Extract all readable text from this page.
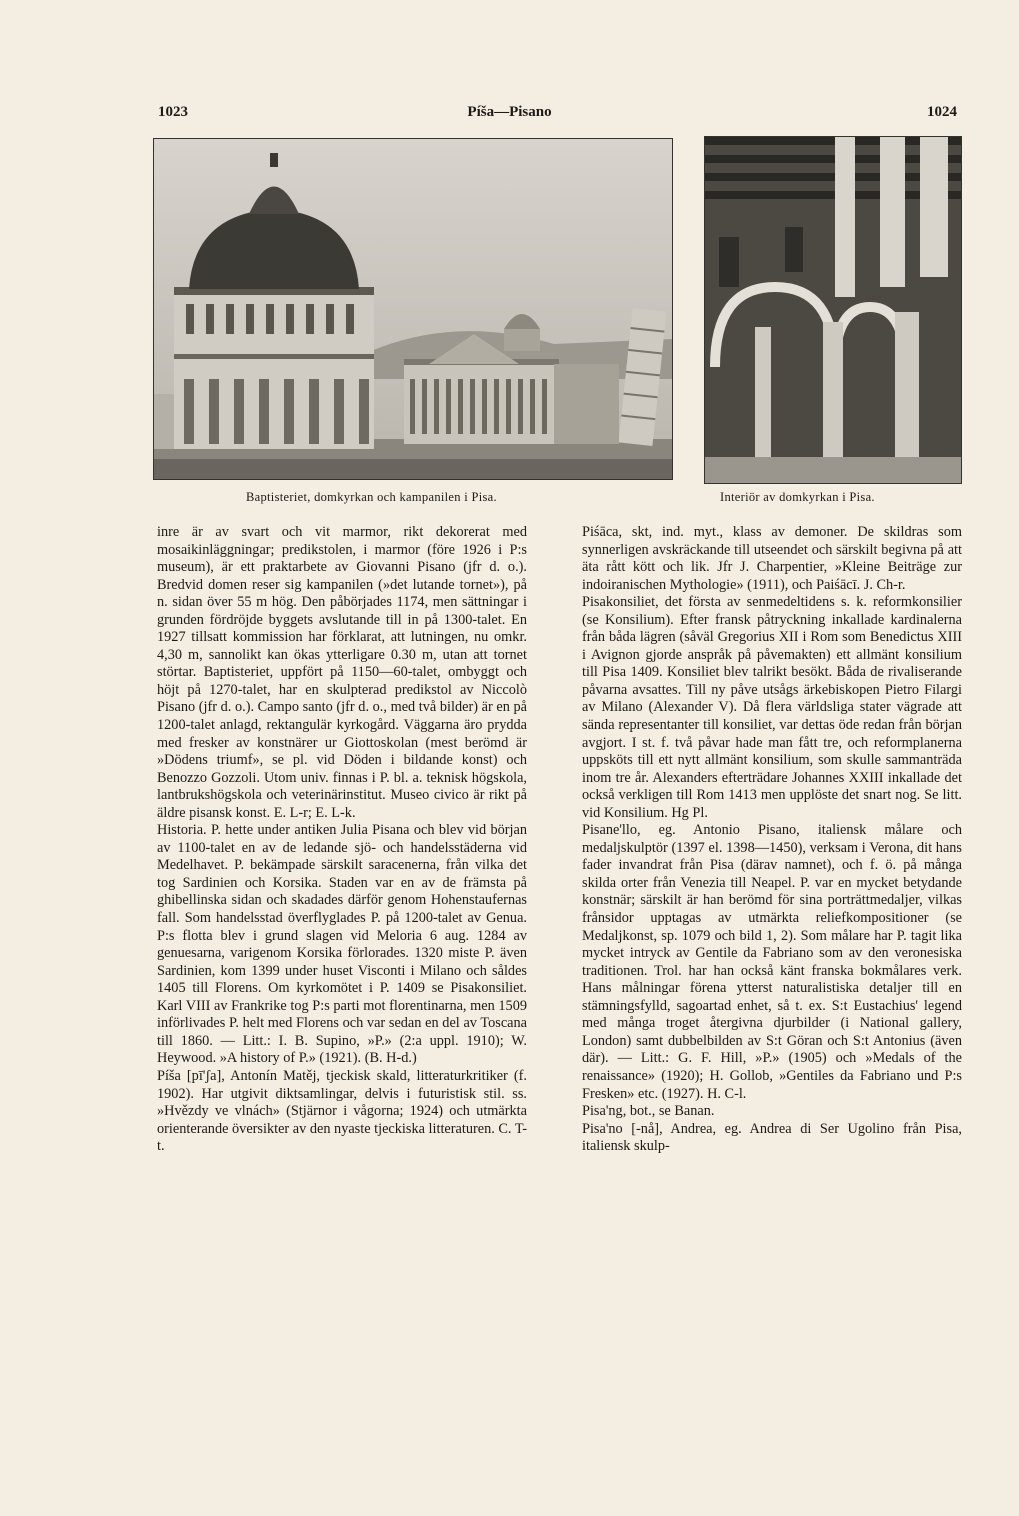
1023	Píša—Pisano	1024
Baptisteriet, domkyrkan och kampanilen i Pisa.	Interiör av domkyrkan i Pisa.

inre är av svart och vit marmor, rikt dekorerat med mosaikinläggningar; predikstolen, i marmor (före 1926 i P:s museum), är ett praktarbete av Giovanni Pisano (jfr d. o.). Bredvid domen reser sig kampanilen (»det lutande tornet»), på n. sidan över 55 m hög. Den påbörjades 1174, men sättningar i grunden fördröjde byggets avslutande till in på 1300-talet. En 1927 tillsatt kommission har förklarat, att lutningen, nu omkr. 4,30 m, sannolikt kan ökas ytterligare 0.30 m, utan att tornet störtar. Baptisteriet, uppfört på 1150—60-talet, ombyggt och höjt på 1270-talet, har en skulpterad predikstol av Niccolò Pisano (jfr d. o.). Campo santo (jfr d. o., med två bilder) är en på 1200-talet anlagd, rektangulär kyrkogård. Väggarna äro prydda med fresker av konstnärer ur Giottoskolan (mest berömd är »Dödens triumf», se pl. vid Döden i bildande konst) och Benozzo Gozzoli. Utom univ. finnas i P. bl. a. teknisk högskola, lantbrukshögskola och veterinärinstitut. Museo civico är rikt på äldre pisansk konst. E. L-r; E. L-k.

Historia. P. hette under antiken Julia Pisana och blev vid början av 1100-talet en av de ledande sjö- och handelsstäderna vid Medelhavet. P. bekämpade särskilt saracenerna, från vilka det tog Sardinien och Korsika. Staden var en av de främsta på ghibellinska sidan och skadades därför genom Hohenstaufernas fall. Som handelsstad överflyglades P. på 1200-talet av Genua. P:s flotta blev i grund slagen vid Meloria 6 aug. 1284 av genuesarna, varigenom Korsika förlorades. 1320 miste P. även Sardinien, kom 1399 under huset Visconti i Milano och såldes 1405 till Florens. Om kyrkomötet i P. 1409 se Pisakonsiliet. Karl VIII av Frankrike tog P:s parti mot florentinarna, men 1509 införlivades P. helt med Florens och var sedan en del av Toscana till 1860. — Litt.: I. B. Supino, »P.» (2:a uppl. 1910); W. Heywood. »A history of P.» (1921). (B. H-d.)

Píša [pī'ʃa], Antonín Matěj, tjeckisk skald, litteraturkritiker (f. 1902). Har utgivit diktsamlingar, delvis i futuristisk stil. ss. »Hvězdy ve vlnách» (Stjärnor i vågorna; 1924) och utmärkta orienterande översikter av den nyaste tjeckiska litteraturen. C. T-t.

Piśāca, skt, ind. myt., klass av demoner. De skildras som synnerligen avskräckande till utseendet och särskilt begivna på att äta rått kött och lik. Jfr J. Charpentier, »Kleine Beiträge zur indoiranischen Mythologie» (1911), och Paiśācī. J. Ch-r.

Pisakonsiliet, det första av senmedeltidens s. k. reformkonsilier (se Konsilium). Efter fransk påtryckning inkallade kardinalerna från båda lägren (såväl Gregorius XII i Rom som Benedictus XIII i Avignon gjorde anspråk på påvemakten) ett allmänt konsilium till Pisa 1409. Konsiliet blev talrikt besökt. Båda de rivaliserande påvarna avsattes. Till ny påve utsågs ärkebiskopen Pietro Filargi av Milano (Alexander V). Då flera världsliga stater vägrade att sända representanter till konsiliet, var dettas öde redan från början avgjort. I st. f. två påvar hade man fått tre, och reformplanerna uppsköts till ett nytt allmänt konsilium, som skulle sammanträda inom tre år. Alexanders efterträdare Johannes XXIII inkallade det också verkligen till Rom 1413 men upplöste det snart nog. Se litt. vid Konsilium. Hg Pl.

Pisane'llo, eg. Antonio Pisano, italiensk målare och medaljskulptör (1397 el. 1398—1450), verksam i Verona, dit hans fader invandrat från Pisa (därav namnet), och f. ö. på många skilda orter från Venezia till Neapel. P. var en mycket betydande konstnär; särskilt är han berömd för sina porträttmedaljer, vilkas frånsidor upptagas av utmärkta reliefkompositioner (se Medaljkonst, sp. 1079 och bild 1, 2). Som målare har P. tagit lika mycket intryck av Gentile da Fabriano som av den veronesiska traditionen. Trol. har han också känt franska bokmålares verk. Hans målningar förena ytterst naturalistiska detaljer till en stämningsfylld, sagoartad enhet, så t. ex. S:t Eustachius' legend med många troget återgivna djurbilder (i National gallery, London) samt dubbelbilden av S:t Göran och S:t Antonius (även där). — Litt.: G. F. Hill, »P.» (1905) och »Medals of the renaissance» (1920); H. Gollob, »Gentiles da Fabriano und P:s Fresken» etc. (1927). H. C-l.

Pisa'ng, bot., se Banan.

Pisa'no [-nå], Andrea, eg. Andrea di Ser Ugolino från Pisa, italiensk skulp-
